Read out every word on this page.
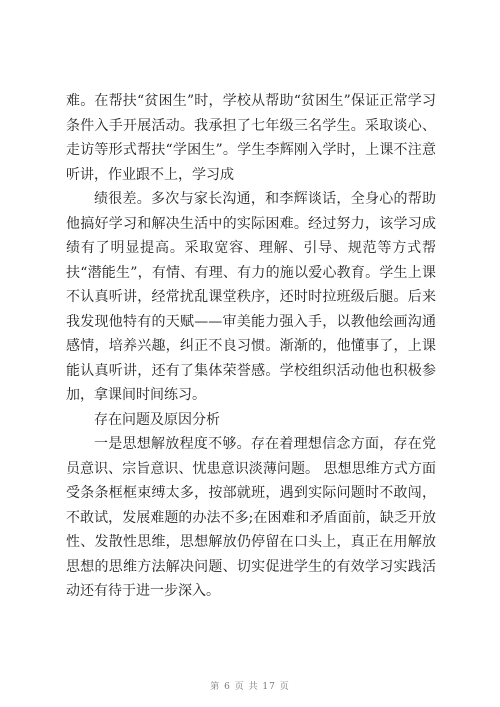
难。在帮扶“贫困生”时，学校从帮助“贫困生”保证正常学习条件入手开展活动。我承担了七年级三名学生。采取谈心、走访等形式帮扶“学困生”。学生李辉刚入学时，上课不注意听讲，作业跟不上，学习成

绩很差。多次与家长沟通，和李辉谈话，全身心的帮助他搞好学习和解决生活中的实际困难。经过努力，该学习成绩有了明显提高。采取宽容、理解、引导、规范等方式帮扶“潜能生”，有情、有理、有力的施以爱心教育。学生上课不认真听讲，经常扰乱课堂秩序，还时时拉班级后腿。后来我发现他特有的天赋——审美能力强入手，以教他绘画沟通感情，培养兴趣，纠正不良习惯。渐渐的，他懂事了，上课能认真听讲，还有了集体荣誉感。学校组织活动他也积极参加，拿课间时间练习。

存在问题及原因分析

一是思想解放程度不够。存在着理想信念方面，存在党员意识、宗旨意识、忧患意识淡薄问题。 思想思维方式方面受条条框框束缚太多，按部就班，遇到实际问题时不敢闯，不敢试，发展难题的办法不多;在困难和矛盾面前，缺乏开放性、发散性思维，思想解放仍停留在口头上，真正在用解放思想的思维方法解决问题、切实促进学生的有效学习实践活动还有待于进一步深入。

第 6 页 共 17 页
